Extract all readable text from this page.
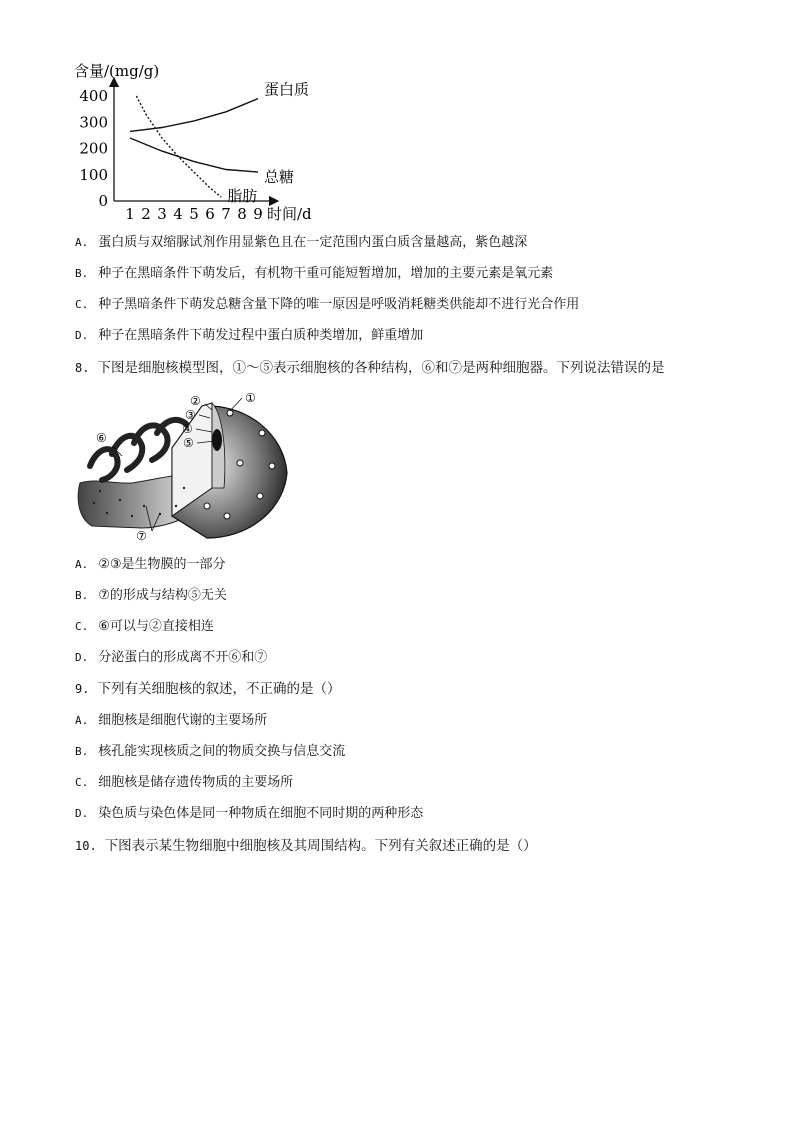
含量/(mg/g)
400
300
200
100
0
1 2 3 4 5 6 7 8 9
蛋白质
总糖
脂肪
时间/d
A. 蛋白质与双缩脲试剂作用显紫色且在一定范围内蛋白质含量越高，紫色越深
B. 种子在黑暗条件下萌发后，有机物干重可能短暂增加，增加的主要元素是氧元素
C. 种子黑暗条件下萌发总糖含量下降的唯一原因是呼吸消耗糖类供能却不进行光合作用
D. 种子在黑暗条件下萌发过程中蛋白质种类增加，鲜重增加
8. 下图是细胞核模型图，①～⑤表示细胞核的各种结构，⑥和⑦是两种细胞器。下列说法错误的是
①
②
③
④
⑤
⑥
⑦
A. ②③是生物膜的一部分
B. ⑦的形成与结构⑤无关
C. ⑥可以与②直接相连
D. 分泌蛋白的形成离不开⑥和⑦
9. 下列有关细胞核的叙述，不正确的是（）
A. 细胞核是细胞代谢的主要场所
B. 核孔能实现核质之间的物质交换与信息交流
C. 细胞核是储存遗传物质的主要场所
D. 染色质与染色体是同一种物质在细胞不同时期的两种形态
10. 下图表示某生物细胞中细胞核及其周围结构。下列有关叙述正确的是（）
